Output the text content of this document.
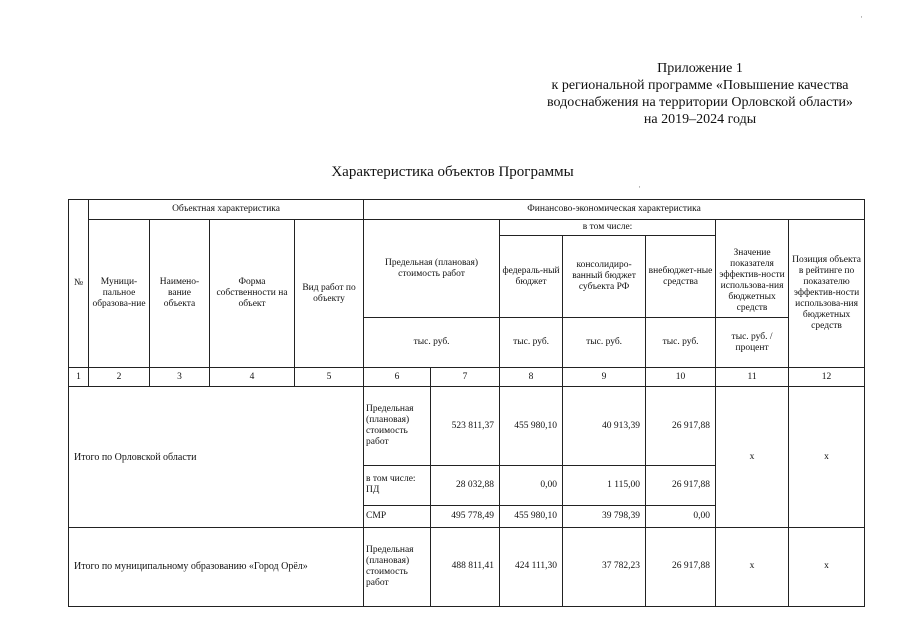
Приложение 1
к региональной программе «Повышение качества
водоснабжения на территории Орловской области»
на 2019–2024 годы
Характеристика объектов Программы
·
·
№	Объектная характеристика				Финансово-экономическая характеристика						
	Муници-пальное образова-ние	Наимено-вание объекта	Форма собственности на объект	Вид работ по объекту	Предельная (плановая) стоимость работ		в том числе:			Значение показателя эффектив-ности использова-ния бюджетных средств	Позиция объекта в рейтинге по показателю эффектив-ности использова-ния бюджетных средств
							федераль-ный бюджет	консолидиро-ванный бюджет субъекта РФ	внебюджет-ные средства		
					тыс. руб.		тыс. руб.	тыс. руб.	тыс. руб.	тыс. руб. /процент	
1	2	3	4	5	6	7	8	9	10	11	12
Итого по Орловской области					Предельная (плановая) стоимость работ	523 811,37	455 980,10	40 913,39	26 917,88	х	х
					в том числе: ПД	28 032,88	0,00	1 115,00	26 917,88		
					СМР	495 778,49	455 980,10	39 798,39	0,00		
Итого по муниципальному образованию «Город Орёл»					Предельная (плановая) стоимость работ	488 811,41	424 111,30	37 782,23	26 917,88	х	х
